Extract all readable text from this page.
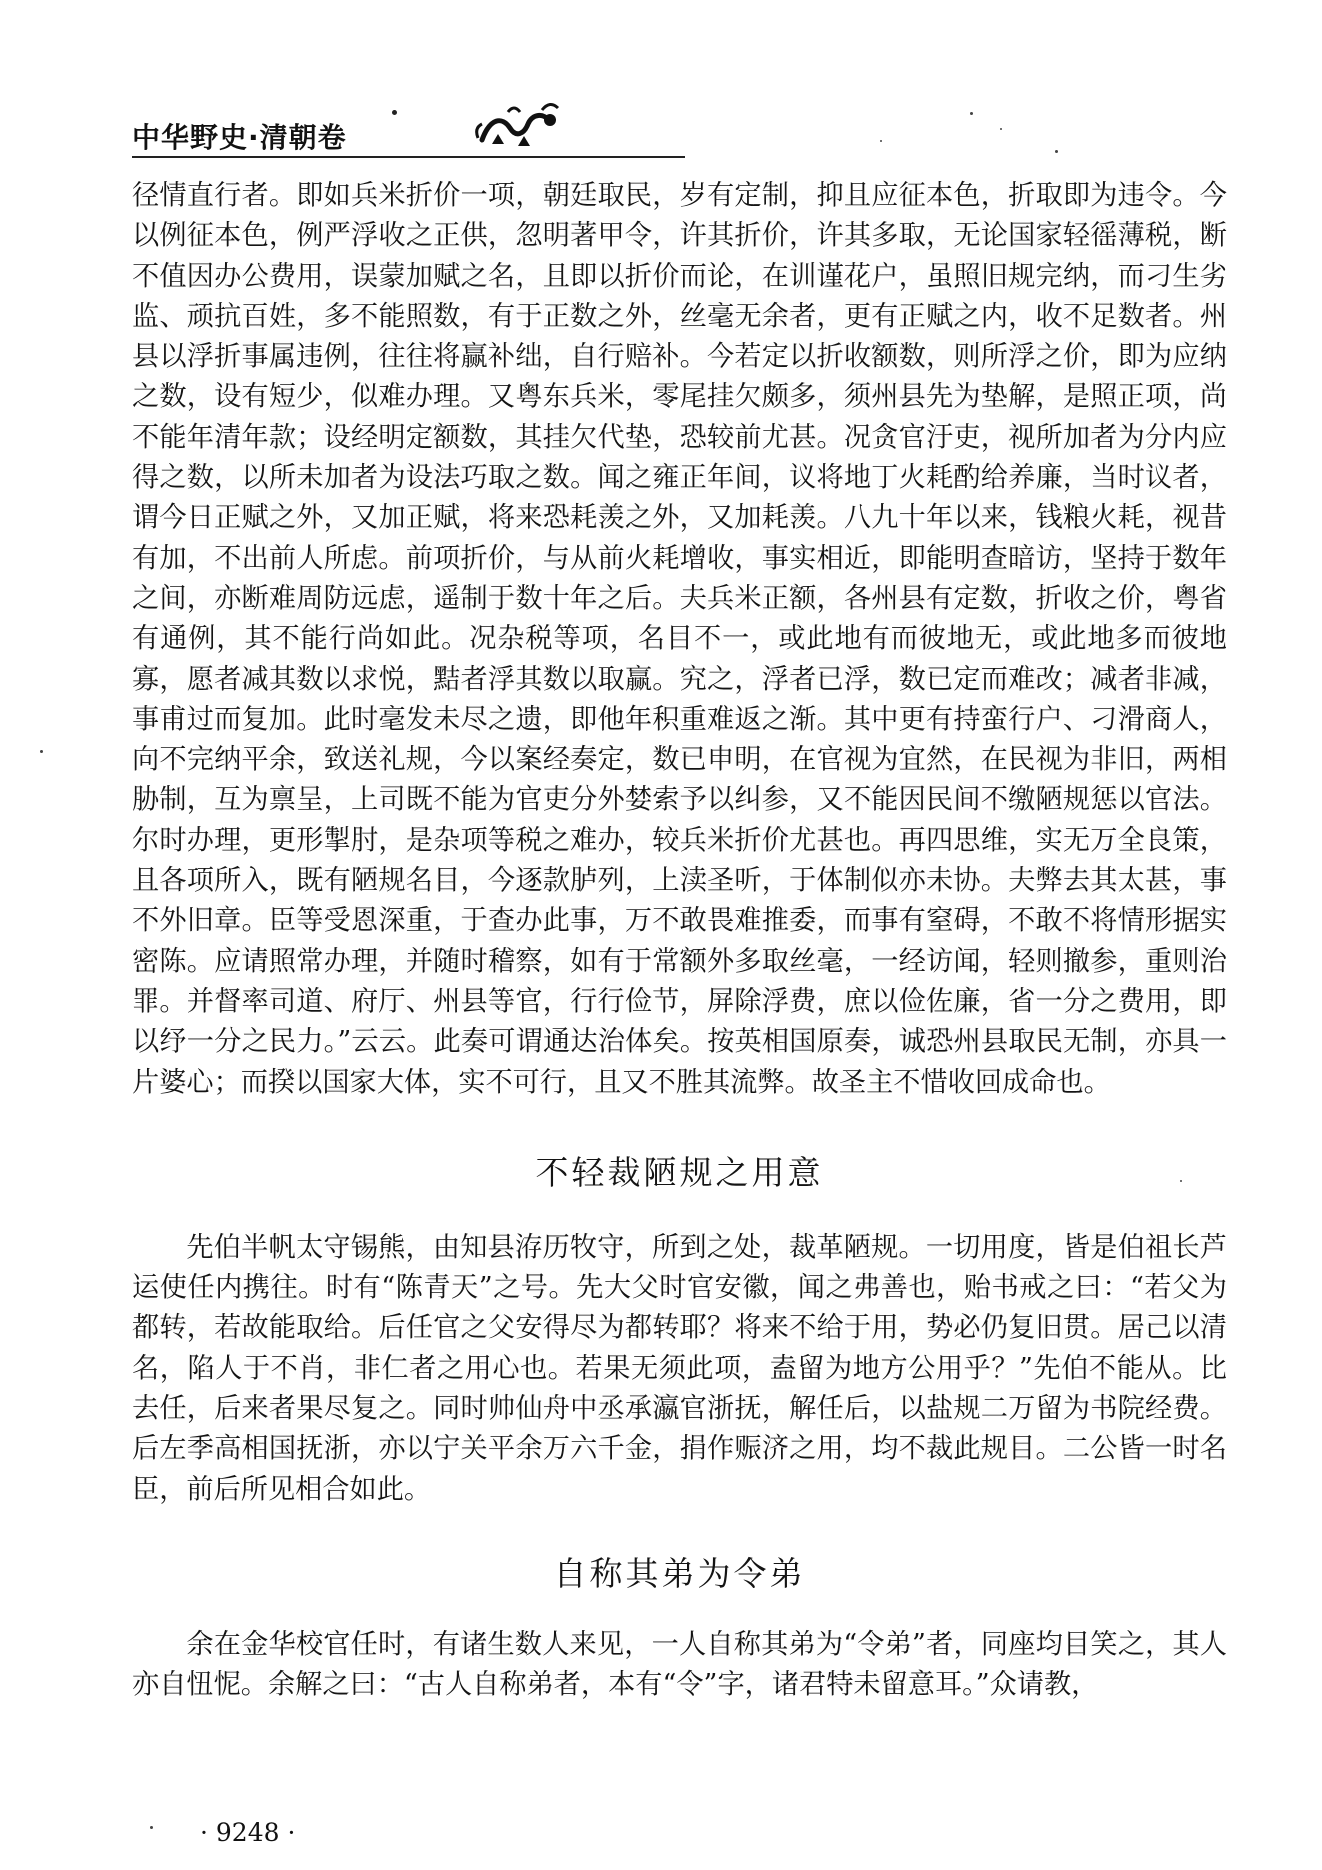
中华野史·清朝卷

径情直行者。即如兵米折价一项，朝廷取民，岁有定制，抑且应征本色，折取即为违令。今以例征本色，例严浮收之正供，忽明著甲令，许其折价，许其多取，无论国家轻徭薄税，断不值因办公费用，误蒙加赋之名，且即以折价而论，在训谨花户，虽照旧规完纳，而刁生劣监、顽抗百姓，多不能照数，有于正数之外，丝毫无余者，更有正赋之内，收不足数者。州县以浮折事属违例，往往将赢补绌，自行赔补。今若定以折收额数，则所浮之价，即为应纳之数，设有短少，似难办理。又粤东兵米，零尾挂欠颇多，须州县先为垫解，是照正项，尚不能年清年款；设经明定额数，其挂欠代垫，恐较前尤甚。况贪官汙吏，视所加者为分内应得之数，以所未加者为设法巧取之数。闻之雍正年间，议将地丁火耗酌给养廉，当时议者，谓今日正赋之外，又加正赋，将来恐耗羡之外，又加耗羡。八九十年以来，钱粮火耗，视昔有加，不出前人所虑。前项折价，与从前火耗增收，事实相近，即能明查暗访，坚持于数年之间，亦断难周防远虑，遥制于数十年之后。夫兵米正额，各州县有定数，折收之价，粤省有通例，其不能行尚如此。况杂税等项，名目不一，或此地有而彼地无，或此地多而彼地寡，愿者减其数以求悦，黠者浮其数以取赢。究之，浮者已浮，数已定而难改；减者非减，事甫过而复加。此时毫发未尽之遗，即他年积重难返之渐。其中更有持蛮行户、刁滑商人，向不完纳平余，致送礼规，今以案经奏定，数已申明，在官视为宜然，在民视为非旧，两相胁制，互为禀呈，上司既不能为官吏分外婪索予以纠参，又不能因民间不缴陋规惩以官法。尔时办理，更形掣肘，是杂项等税之难办，较兵米折价尤甚也。再四思维，实无万全良策，且各项所入，既有陋规名目，今逐款胪列，上渎圣听，于体制似亦未协。夫弊去其太甚，事不外旧章。臣等受恩深重，于查办此事，万不敢畏难推委，而事有窒碍，不敢不将情形据实密陈。应请照常办理，并随时稽察，如有于常额外多取丝毫，一经访闻，轻则撤参，重则治罪。并督率司道、府厅、州县等官，行行俭节，屏除浮费，庶以俭佐廉，省一分之费用，即以纾一分之民力。”云云。此奏可谓通达治体矣。按英相国原奏，诚恐州县取民无制，亦具一片婆心；而揆以国家大体，实不可行，且又不胜其流弊。故圣主不惜收回成命也。

不轻裁陋规之用意

先伯半帆太守锡熊，由知县洊历牧守，所到之处，裁革陋规。一切用度，皆是伯祖长芦运使任内携往。时有“陈青天”之号。先大父时官安徽，闻之弗善也，贻书戒之曰：“若父为都转，若故能取给。后任官之父安得尽为都转耶？将来不给于用，势必仍复旧贯。居己以清名，陷人于不肖，非仁者之用心也。若果无须此项，盍留为地方公用乎？”先伯不能从。比去任，后来者果尽复之。同时帅仙舟中丞承瀛官浙抚，解任后，以盐规二万留为书院经费。后左季高相国抚浙，亦以宁关平余万六千金，捐作赈济之用，均不裁此规目。二公皆一时名臣，前后所见相合如此。

自称其弟为令弟

余在金华校官任时，有诸生数人来见，一人自称其弟为“令弟”者，同座均目笑之，其人亦自忸怩。余解之曰：“古人自称弟者，本有“令”字，诸君特未留意耳。”众请教，

· 9248 ·
